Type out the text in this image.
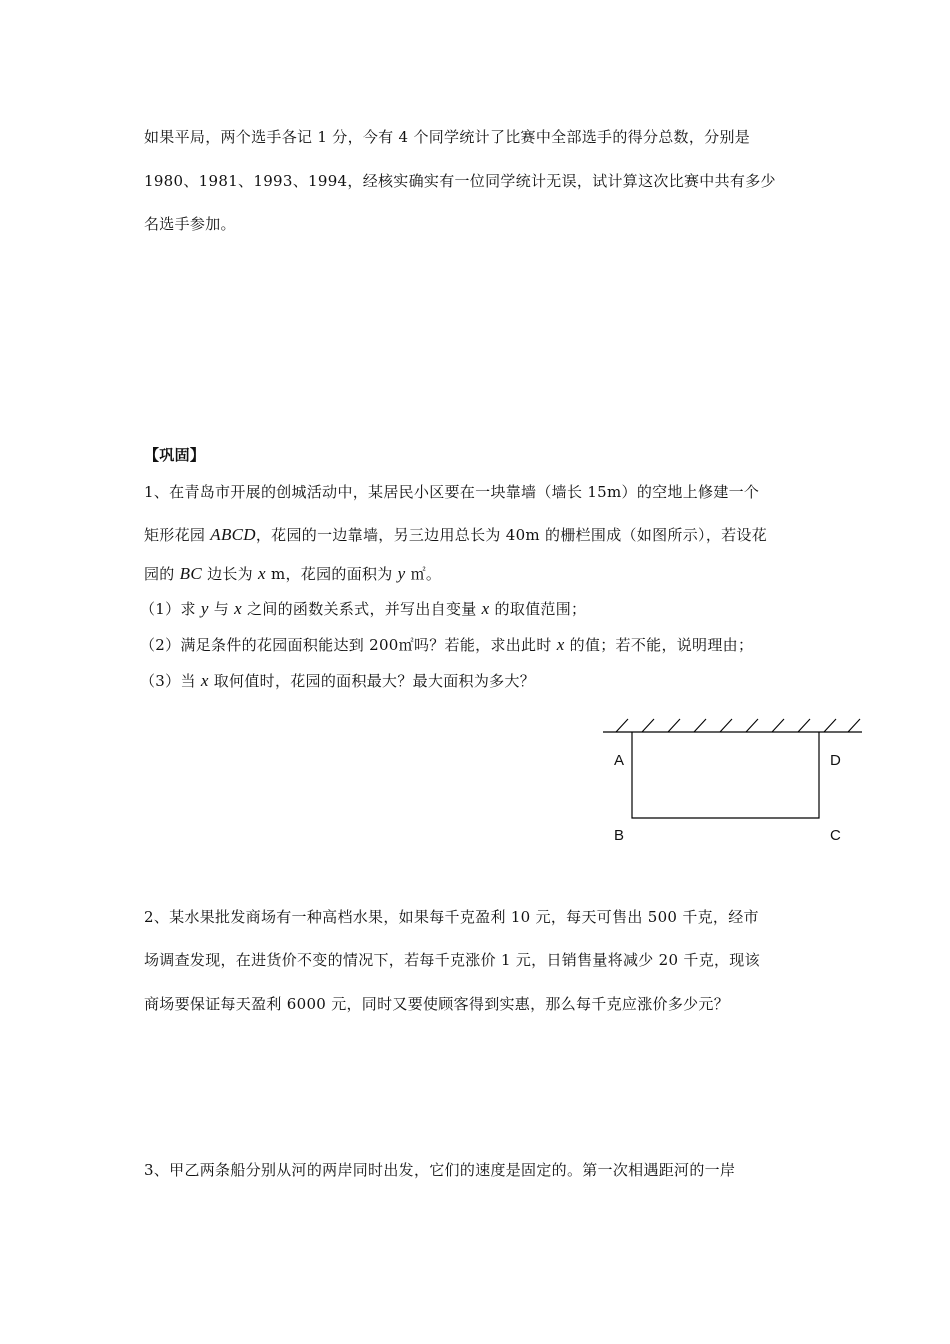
如果平局，两个选手各记 1 分，今有 4 个同学统计了比赛中全部选手的得分总数，分别是
1980、1981、1993、1994，经核实确实有一位同学统计无误，试计算这次比赛中共有多少
名选手参加。
【巩固】
1、在青岛市开展的创城活动中，某居民小区要在一块靠墙（墙长 15m）的空地上修建一个
矩形花园 ABCD，花园的一边靠墙，另三边用总长为 40m 的栅栏围成（如图所示），若设花
园的 BC 边长为 x m，花园的面积为 y ㎡。
（1）求 y 与 x 之间的函数关系式，并写出自变量 x 的取值范围；
（2）满足条件的花园面积能达到 200㎡吗？若能，求出此时 x 的值；若不能，说明理由；
（3）当 x 取何值时，花园的面积最大？最大面积为多大？
A	D
B	C
2、某水果批发商场有一种高档水果，如果每千克盈利 10 元，每天可售出 500 千克，经市
场调查发现，在进货价不变的情况下，若每千克涨价 1 元，日销售量将减少 20 千克，现该
商场要保证每天盈利 6000 元，同时又要使顾客得到实惠，那么每千克应涨价多少元？
3、甲乙两条船分别从河的两岸同时出发，它们的速度是固定的。第一次相遇距河的一岸
